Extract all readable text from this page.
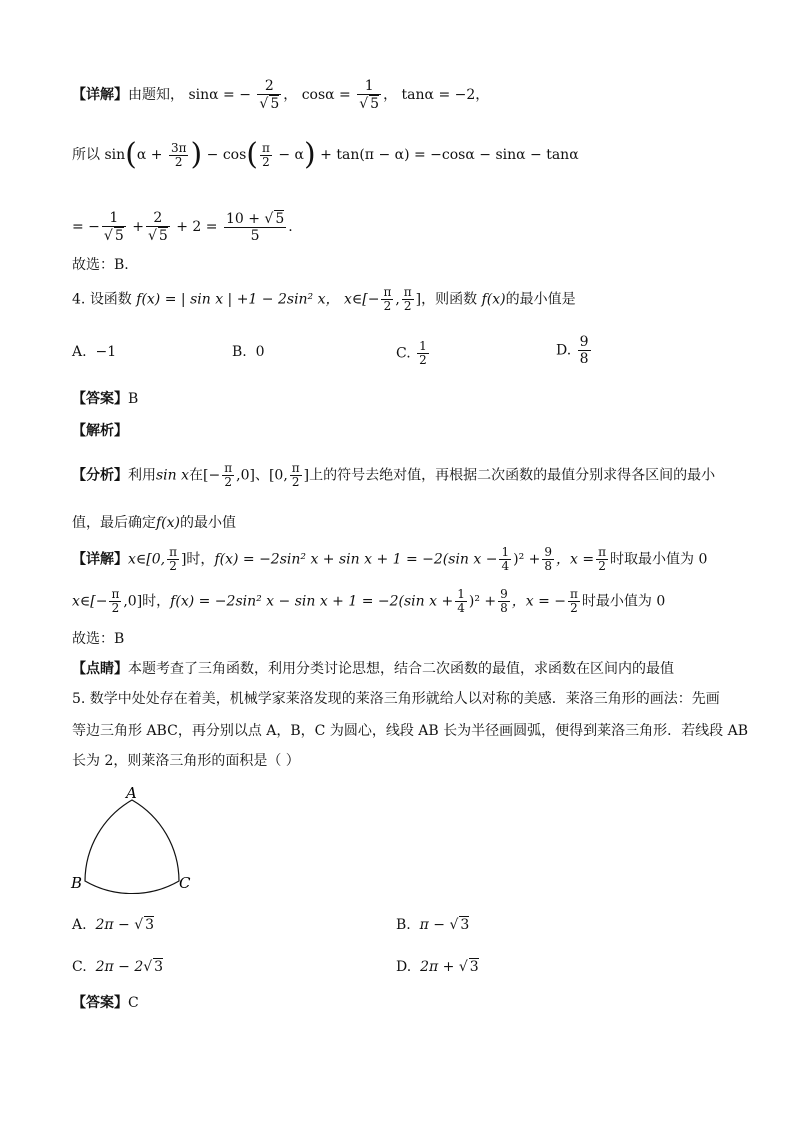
【详解】由题知， sinα = − $\frac{2}{√ 5}$ ， $\cos\alpha = \frac{1}{√ 5}$ ， tanα = −2，
所以 $\sin(\alpha + \frac{3\pi}{2}$ ) − $\cos( \frac{\pi}{2} - \alpha) + \tan(\pi - \alpha) = -\cos\alpha - \sin\alpha - \tan\alpha$
= − $\frac{1}{√ 5} + \frac{2}{√ 5} + 2 = \frac{10 + √ 5}{5}$ .
故选：B.
4. 设函数 f(x) = | sin x | +1 − 2sin² x， x∈[− $\frac{\pi}{2}$ , $\frac{\pi}{2}$ ]，则函数 f(x)的最小值是
A. −1	B. 0	C. $\frac{1}{2}$	D. $\frac{9}{8}$
【答案】B
【解析】
【分析】利用sin x在[− $\frac{\pi}{2} ,0$]、[0, $\frac{\pi}{2}$ ]上的符号去绝对值，再根据二次函数的最值分别求得各区间的最小
值，最后确定f(x)的最小值
【详解】x∈[0, $\frac{\pi}{2}$ ]时，f(x) = −2sin² x + sin x + 1 = −2(sin $x - \frac{1}{4} )^2 + \frac{9}{8}$ ，$x = \frac{\pi}{2}$ 时取最小值为 0
x∈[− $\frac{\pi}{2} ,0$]时，f(x) = −2sin² x − sin x + 1 = −2(sin $x + \frac{1}{4} )^2 + \frac{9}{8}$ ，x = − $\frac{\pi}{2}$ 时最小值为 0
故选：B
【点睛】本题考查了三角函数，利用分类讨论思想，结合二次函数的最值，求函数在区间内的最值
5. 数学中处处存在着美，机械学家莱洛发现的莱洛三角形就给人以对称的美感．莱洛三角形的画法：先画
等边三角形 ABC，再分别以点 A，B，C 为圆心，线段 AB 长为半径画圆弧，便得到莱洛三角形．若线段 AB
长为 2，则莱洛三角形的面积是（ ）
A
B	C
A. 2π − √ 3	B. π − √ 3
C. 2π − 2√ 3	D. 2π + √ 3
【答案】C
